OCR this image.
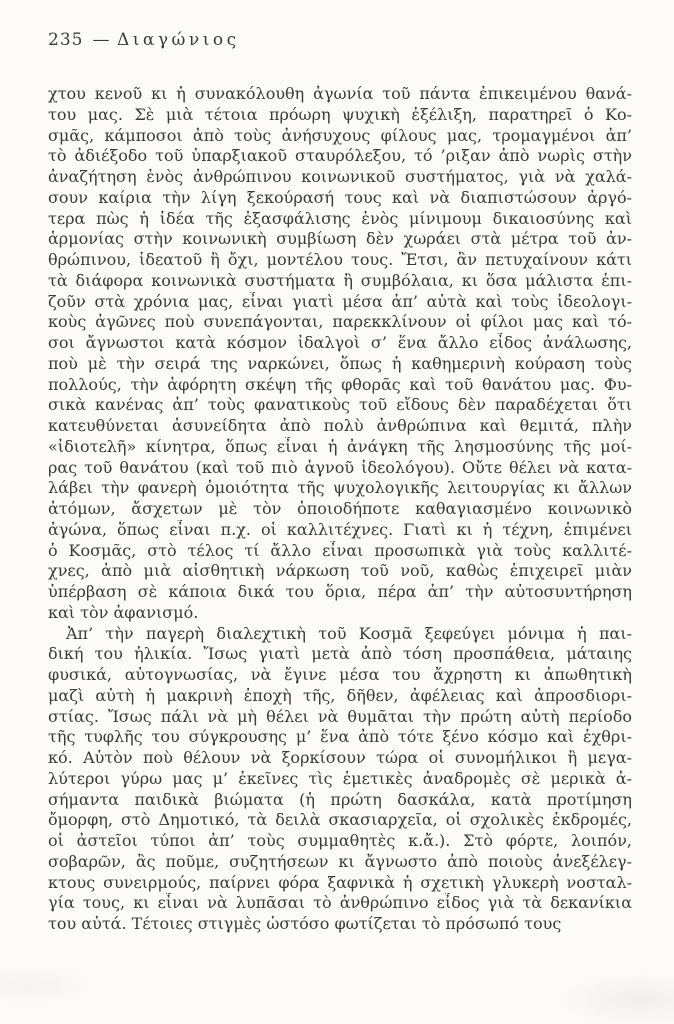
235 — Διαγώνιος
χτου κενοῦ κι ἡ συνακόλουθη ἀγωνία τοῦ πάντα ἐπικειμένου θανά-
του μας. Σὲ μιὰ τέτοια πρόωρη ψυχικὴ ἐξέλιξη, παρατηρεῖ ὁ Κο-
σμᾶς, κάμποσοι ἀπὸ τοὺς ἀνήσυχους φίλους μας, τρομαγμένοι ἀπ’
τὸ ἀδιέξοδο τοῦ ὑπαρξιακοῦ σταυρόλεξου, τό ’ριξαν ἀπὸ νωρὶς στὴν
ἀναζήτηση ἑνὸς ἀνθρώπινου κοινωνικοῦ συστήματος, γιὰ νὰ χαλά-
σουν καίρια τὴν λίγη ξεκούρασή τους καὶ νὰ διαπιστώσουν ἀργό-
τερα πὼς ἡ ἰδέα τῆς ἐξασφάλισης ἑνὸς μίνιμουμ δικαιοσύνης καὶ
ἁρμονίας στὴν κοινωνικὴ συμβίωση δὲν χωράει στὰ μέτρα τοῦ ἀν-
θρώπινου, ἰδεατοῦ ἢ ὄχι, μοντέλου τους. Ἔτσι, ἂν πετυχαίνουν κάτι
τὰ διάφορα κοινωνικὰ συστήματα ἢ συμβόλαια, κι ὅσα μάλιστα ἐπι-
ζοῦν στὰ χρόνια μας, εἶναι γιατὶ μέσα ἀπ’ αὐτὰ καὶ τοὺς ἰδεολογι-
κοὺς ἀγῶνες ποὺ συνεπάγονται, παρεκκλίνουν οἱ φίλοι μας καὶ τό-
σοι ἄγνωστοι κατὰ κόσμον ἰδαλγοὶ σ’ ἕνα ἄλλο εἶδος ἀνάλωσης,
ποὺ μὲ τὴν σειρά της ναρκώνει, ὅπως ἡ καθημερινὴ κούραση τοὺς
πολλούς, τὴν ἀφόρητη σκέψη τῆς φθορᾶς καὶ τοῦ θανάτου μας. Φυ-
σικὰ κανένας ἀπ’ τοὺς φανατικοὺς τοῦ εἴδους δὲν παραδέχεται ὅτι
κατευθύνεται ἀσυνείδητα ἀπὸ πολὺ ἀνθρώπινα καὶ θεμιτά, πλὴν
«ἰδιοτελῆ» κίνητρα, ὅπως εἶναι ἡ ἀνάγκη τῆς λησμοσύνης τῆς μοί-
ρας τοῦ θανάτου (καὶ τοῦ πιὸ ἁγνοῦ ἰδεολόγου). Οὔτε θέλει νὰ κατα-
λάβει τὴν φανερὴ ὁμοιότητα τῆς ψυχολογικῆς λειτουργίας κι ἄλλων
ἀτόμων, ἄσχετων μὲ τὸν ὁποιοδήποτε καθαγιασμένο κοινωνικὸ
ἀγώνα, ὅπως εἶναι π.χ. οἱ καλλιτέχνες. Γιατὶ κι ἡ τέχνη, ἐπιμένει
ὁ Κοσμᾶς, στὸ τέλος τί ἄλλο εἶναι προσωπικὰ γιὰ τοὺς καλλιτέ-
χνες, ἀπὸ μιὰ αἰσθητικὴ νάρκωση τοῦ νοῦ, καθὼς ἐπιχειρεῖ μιὰν
ὑπέρβαση σὲ κάποια δικά του ὅρια, πέρα ἀπ’ τὴν αὐτοσυντήρηση
καὶ τὸν ἀφανισμό.
Ἀπ’ τὴν παγερὴ διαλεχτικὴ τοῦ Κοσμᾶ ξεφεύγει μόνιμα ἡ παι-
δική του ἡλικία. Ἴσως γιατὶ μετὰ ἀπὸ τόση προσπάθεια, μάταιης
φυσικά, αὐτογνωσίας, νὰ ἔγινε μέσα του ἄχρηστη κι ἀπωθητικὴ
μαζὶ αὐτὴ ἡ μακρινὴ ἐποχὴ τῆς, δῆθεν, ἀφέλειας καὶ ἀπροσδιορι-
στίας. Ἴσως πάλι νὰ μὴ θέλει νὰ θυμᾶται τὴν πρώτη αὐτὴ περίοδο
τῆς τυφλῆς του σύγκρουσης μ’ ἕνα ἀπὸ τότε ξένο κόσμο καὶ ἐχθρι-
κό. Αὐτὸν ποὺ θέλουν νὰ ξορκίσουν τώρα οἱ συνομήλικοι ἢ μεγα-
λύτεροι γύρω μας μ’ ἐκεῖνες τὶς ἐμετικὲς ἀναδρομὲς σὲ μερικὰ ἀ-
σήμαντα παιδικὰ βιώματα (ἡ πρώτη δασκάλα, κατὰ προτίμηση
ὄμορφη, στὸ Δημοτικό, τὰ δειλὰ σκασιαρχεῖα, οἱ σχολικὲς ἐκδρομές,
οἱ ἀστεῖοι τύποι ἀπ’ τοὺς συμμαθητὲς κ.ἄ.). Στὸ φόρτε, λοιπόν,
σοβαρῶν, ἂς ποῦμε, συζητήσεων κι ἄγνωστο ἀπὸ ποιοὺς ἀνεξέλεγ-
κτους συνειρμούς, παίρνει φόρα ξαφνικὰ ἡ σχετικὴ γλυκερὴ νοσταλ-
γία τους, κι εἶναι νὰ λυπᾶσαι τὸ ἀνθρώπινο εἶδος γιὰ τὰ δεκανίκια
του αὐτά. Τέτοιες στιγμὲς ὡστόσο φωτίζεται τὸ πρόσωπό τους
